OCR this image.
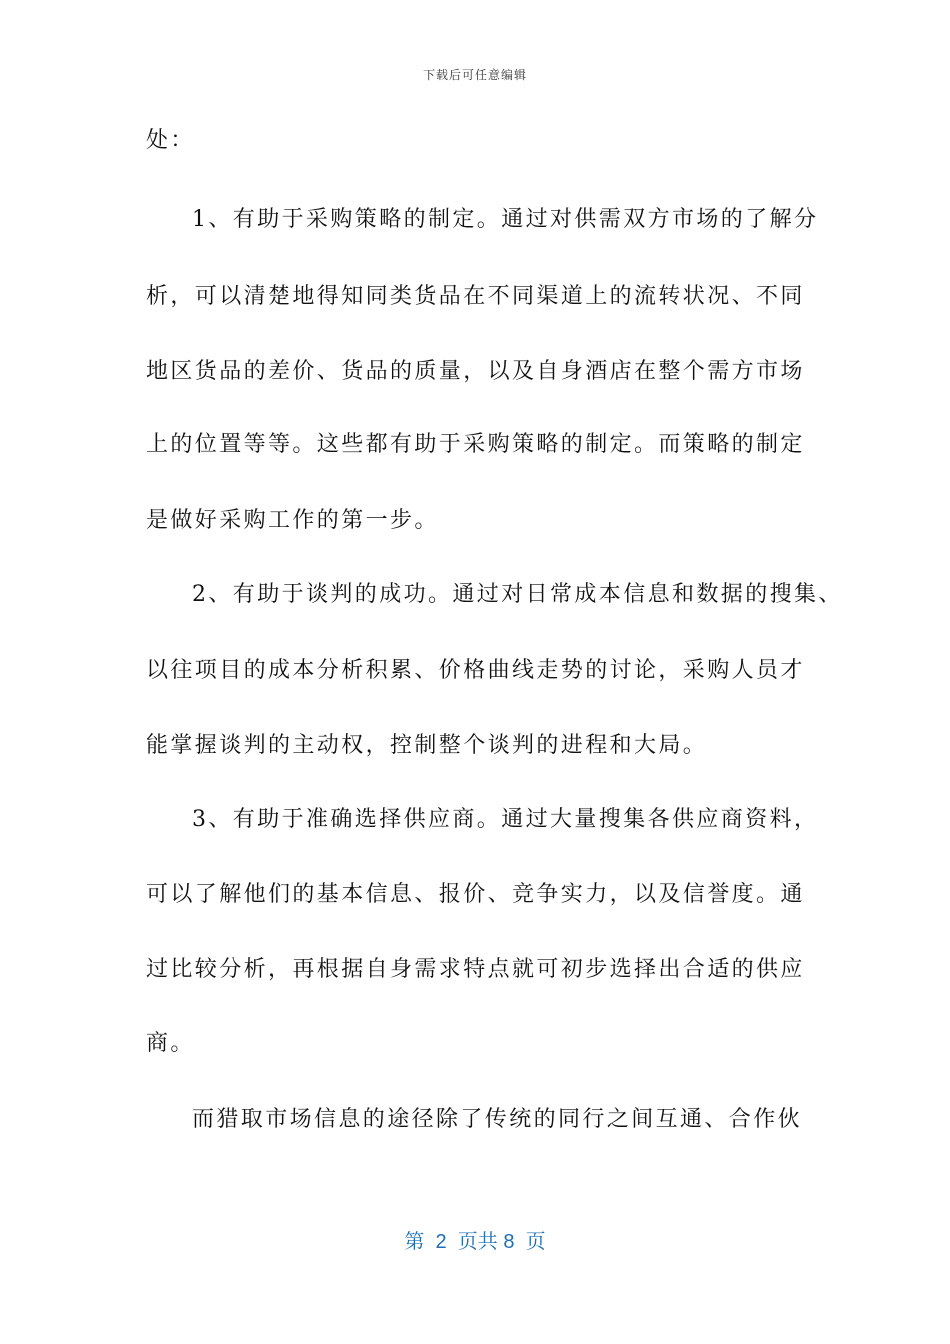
下载后可任意编辑
处：
1、有助于采购策略的制定。通过对供需双方市场的了解分
析，可以清楚地得知同类货品在不同渠道上的流转状况、不同
地区货品的差价、货品的质量，以及自身酒店在整个需方市场
上的位置等等。这些都有助于采购策略的制定。而策略的制定
是做好采购工作的第一步。
2、有助于谈判的成功。通过对日常成本信息和数据的搜集、
以往项目的成本分析积累、价格曲线走势的讨论，采购人员才
能掌握谈判的主动权，控制整个谈判的进程和大局。
3、有助于准确选择供应商。通过大量搜集各供应商资料，
可以了解他们的基本信息、报价、竞争实力，以及信誉度。通
过比较分析，再根据自身需求特点就可初步选择出合适的供应
商。
而猎取市场信息的途径除了传统的同行之间互通、合作伙
第  2  页共 8  页
